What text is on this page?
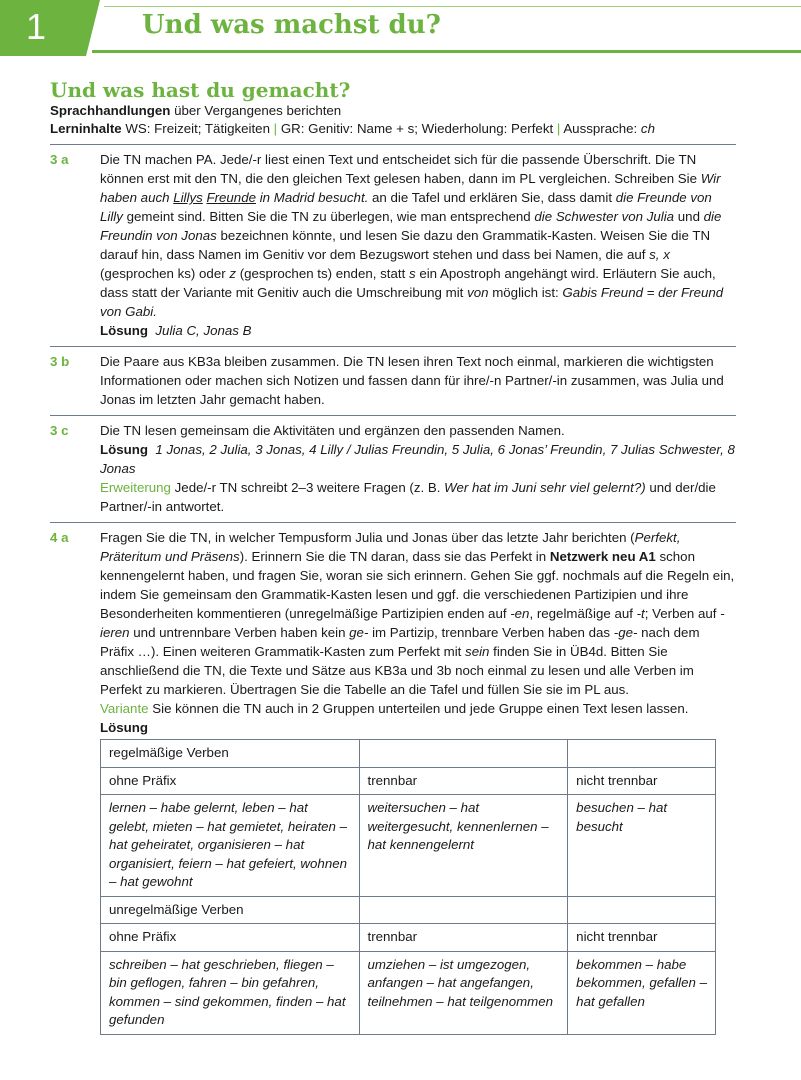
1	Und was machst du?
Und was hast du gemacht?
Sprachhandlungen über Vergangenes berichten
Lerninhalte WS: Freizeit; Tätigkeiten | GR: Genitiv: Name + s; Wiederholung: Perfekt | Aussprache: ch
3 a	Die TN machen PA. Jede/-r liest einen Text und entscheidet sich für die passende Überschrift. Die TN können erst mit den TN, die den gleichen Text gelesen haben, dann im PL vergleichen. Schreiben Sie Wir haben auch Lillys Freunde in Madrid besucht. an die Tafel und erklären Sie, dass damit die Freunde von Lilly gemeint sind. Bitten Sie die TN zu überlegen, wie man entsprechend die Schwester von Julia und die Freundin von Jonas bezeichnen könnte, und lesen Sie dazu den Grammatik-Kasten. Weisen Sie die TN darauf hin, dass Namen im Genitiv vor dem Bezugswort stehen und dass bei Namen, die auf s, x (gesprochen ks) oder z (gesprochen ts) enden, statt s ein Apostroph angehängt wird. Erläutern Sie auch, dass statt der Variante mit Genitiv auch die Umschreibung mit von möglich ist: Gabis Freund = der Freund von Gabi.
Lösung Julia C, Jonas B
3 b	Die Paare aus KB3a bleiben zusammen. Die TN lesen ihren Text noch einmal, markieren die wichtigsten Informationen oder machen sich Notizen und fassen dann für ihre/-n Partner/-in zusammen, was Julia und Jonas im letzten Jahr gemacht haben.
3 c	Die TN lesen gemeinsam die Aktivitäten und ergänzen den passenden Namen.
Lösung 1 Jonas, 2 Julia, 3 Jonas, 4 Lilly / Julias Freundin, 5 Julia, 6 Jonas’ Freundin, 7 Julias Schwester, 8 Jonas
Erweiterung Jede/-r TN schreibt 2–3 weitere Fragen (z. B. Wer hat im Juni sehr viel gelernt?) und der/die Partner/-in antwortet.
4 a	Fragen Sie die TN, in welcher Tempusform Julia und Jonas über das letzte Jahr berichten (Perfekt, Präteritum und Präsens). Erinnern Sie die TN daran, dass sie das Perfekt in Netzwerk neu A1 schon kennengelernt haben, und fragen Sie, woran sie sich erinnern. Gehen Sie ggf. nochmals auf die Regeln ein, indem Sie gemeinsam den Grammatik-Kasten lesen und ggf. die verschiedenen Partizipien und ihre Besonderheiten kommentieren (unregelmäßige Partizipien enden auf -en, regelmäßige auf -t; Verben auf -ieren und untrennbare Verben haben kein ge- im Partizip, trennbare Verben haben das -ge- nach dem Präfix …). Einen weiteren Grammatik-Kasten zum Perfekt mit sein finden Sie in ÜB4d. Bitten Sie anschließend die TN, die Texte und Sätze aus KB3a und 3b noch einmal zu lesen und alle Verben im Perfekt zu markieren. Übertragen Sie die Tabelle an die Tafel und füllen Sie sie im PL aus.
Variante Sie können die TN auch in 2 Gruppen unterteilen und jede Gruppe einen Text lesen lassen.
Lösung
regelmäßige Verben		
ohne Präfix	trennbar	nicht trennbar
lernen – habe gelernt, leben – hat gelebt, mieten – hat gemietet, heiraten – hat geheiratet, organisieren – hat organisiert, feiern – hat gefeiert, wohnen – hat gewohnt	weitersuchen – hat weitergesucht, kennenlernen – hat kennengelernt	besuchen – hat besucht
unregelmäßige Verben		
ohne Präfix	trennbar	nicht trennbar
schreiben – hat geschrieben, fliegen – bin geflogen, fahren – bin gefahren, kommen – sind gekommen, finden – hat gefunden	umziehen – ist umgezogen, anfangen – hat angefangen, teilnehmen – hat teilgenommen	bekommen – habe bekommen, gefallen – hat gefallen
